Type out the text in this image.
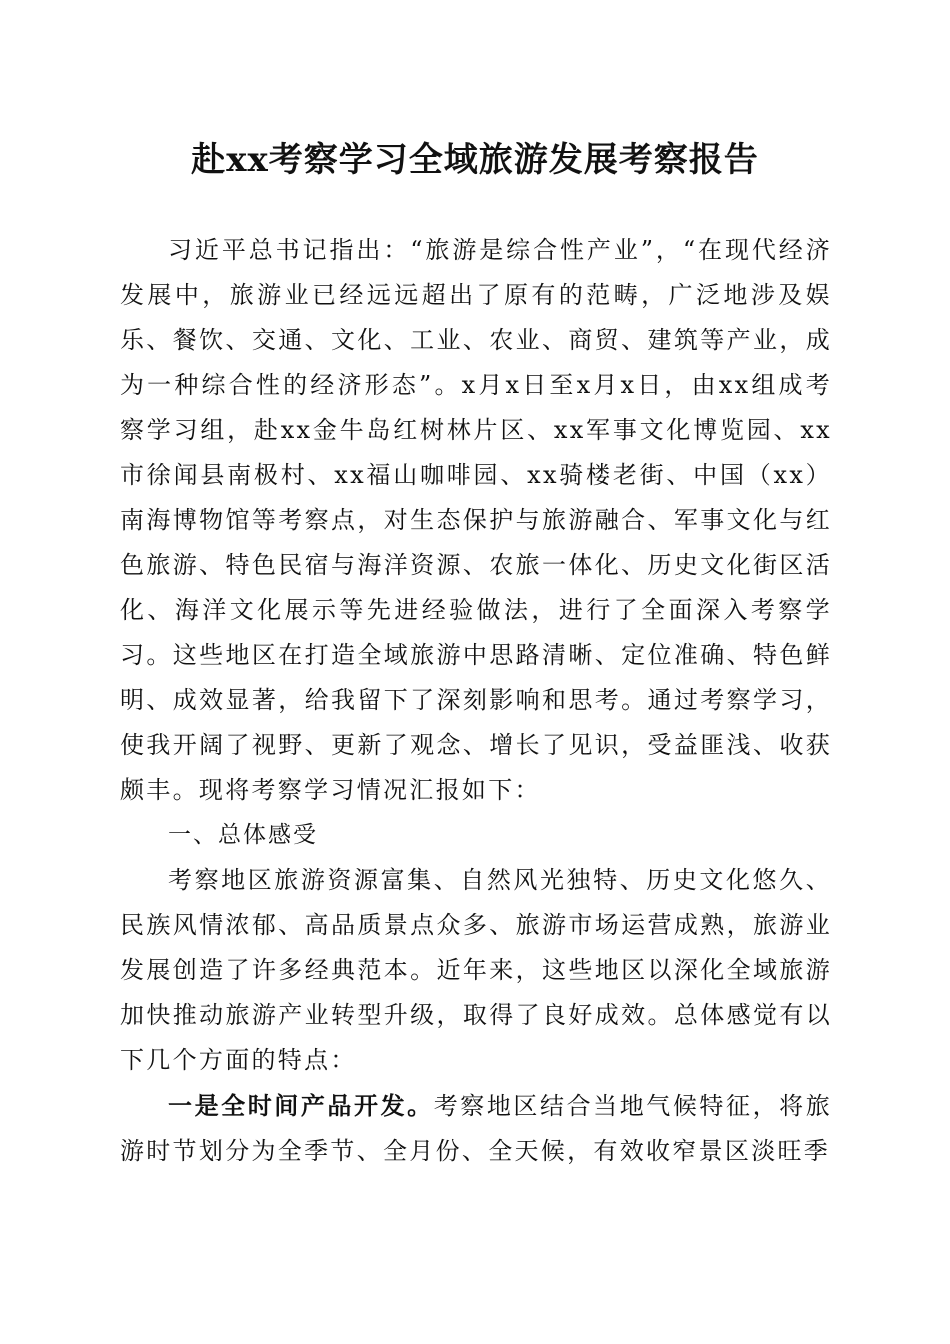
赴xx考察学习全域旅游发展考察报告

习近平总书记指出：“旅游是综合性产业”，“在现代经济发展中，旅游业已经远远超出了原有的范畴，广泛地涉及娱乐、餐饮、交通、文化、工业、农业、商贸、建筑等产业，成为一种综合性的经济形态”。x月x日至x月x日，由xx组成考察学习组，赴xx金牛岛红树林片区、xx军事文化博览园、xx市徐闻县南极村、xx福山咖啡园、xx骑楼老街、中国（xx）南海博物馆等考察点，对生态保护与旅游融合、军事文化与红色旅游、特色民宿与海洋资源、农旅一体化、历史文化街区活化、海洋文化展示等先进经验做法，进行了全面深入考察学习。这些地区在打造全域旅游中思路清晰、定位准确、特色鲜明、成效显著，给我留下了深刻影响和思考。通过考察学习，使我开阔了视野、更新了观念、增长了见识，受益匪浅、收获颇丰。现将考察学习情况汇报如下：

一、总体感受

考察地区旅游资源富集、自然风光独特、历史文化悠久、民族风情浓郁、高品质景点众多、旅游市场运营成熟，旅游业发展创造了许多经典范本。近年来，这些地区以深化全域旅游加快推动旅游产业转型升级，取得了良好成效。总体感觉有以下几个方面的特点：

一是全时间产品开发。考察地区结合当地气候特征，将旅游时节划分为全季节、全月份、全天候，有效收窄景区淡旺季
